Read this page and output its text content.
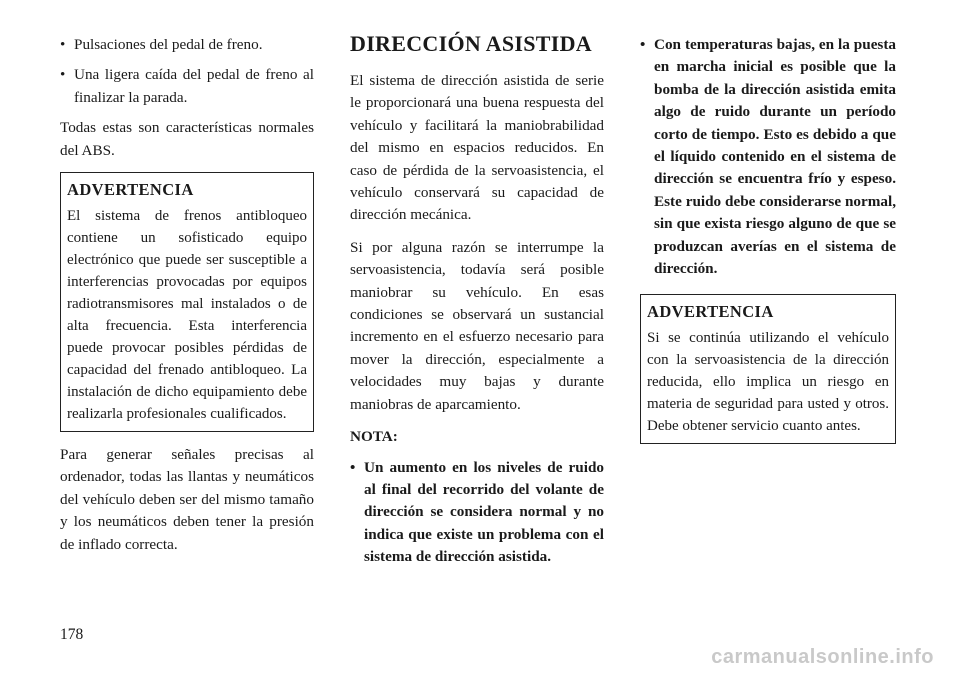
• Pulsaciones del pedal de freno.
• Una ligera caída del pedal de freno al finalizar la parada.

Todas estas son características normales del ABS.

ADVERTENCIA

El sistema de frenos antibloqueo contiene un sofisticado equipo electrónico que puede ser susceptible a interferencias provocadas por equipos radiotransmisores mal instalados o de alta frecuencia. Esta interferencia puede provocar posibles pérdidas de capacidad del frenado antibloqueo. La instalación de dicho equipamiento debe realizarla profesionales cualificados.

Para generar señales precisas al ordenador, todas las llantas y neumáticos del vehículo deben ser del mismo tamaño y los neumáticos deben tener la presión de inflado correcta.

DIRECCIÓN ASISTIDA

El sistema de dirección asistida de serie le proporcionará una buena respuesta del vehículo y facilitará la maniobrabilidad del mismo en espacios reducidos. En caso de pérdida de la servoasistencia, el vehículo conservará su capacidad de dirección mecánica.

Si por alguna razón se interrumpe la servoasistencia, todavía será posible maniobrar su vehículo. En esas condiciones se observará un sustancial incremento en el esfuerzo necesario para mover la dirección, especialmente a velocidades muy bajas y durante maniobras de aparcamiento.

NOTA:

• Un aumento en los niveles de ruido al final del recorrido del volante de dirección se considera normal y no indica que existe un problema con el sistema de dirección asistida.
• Con temperaturas bajas, en la puesta en marcha inicial es posible que la bomba de la dirección asistida emita algo de ruido durante un período corto de tiempo. Esto es debido a que el líquido contenido en el sistema de dirección se encuentra frío y espeso. Este ruido debe considerarse normal, sin que exista riesgo alguno de que se produzcan averías en el sistema de dirección.
ADVERTENCIA

Si se continúa utilizando el vehículo con la servoasistencia de la dirección reducida, ello implica un riesgo en materia de seguridad para usted y otros. Debe obtener servicio cuanto antes.

178
carmanualsonline.info
